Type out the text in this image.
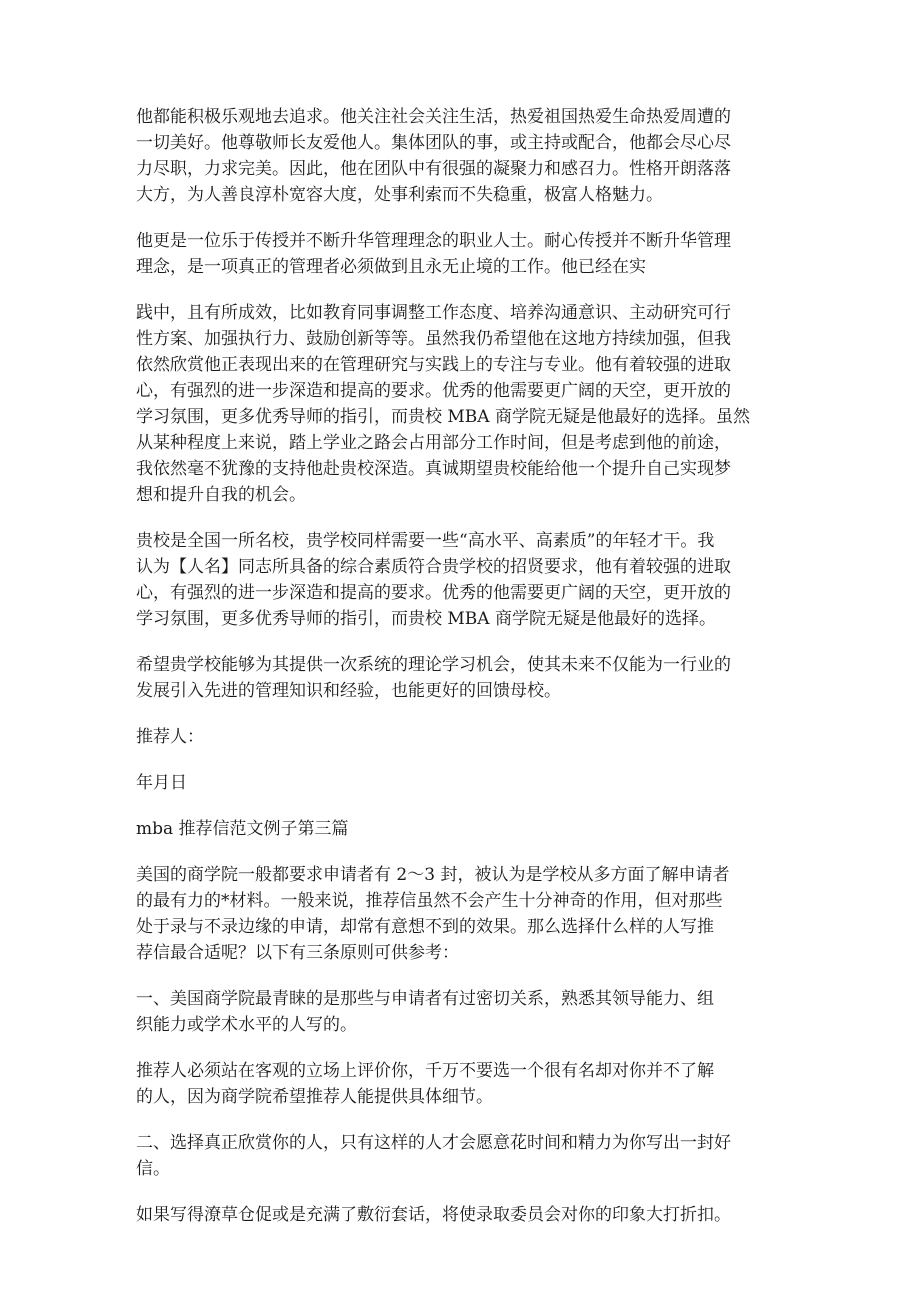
他都能积极乐观地去追求。他关注社会关注生活，热爱祖国热爱生命热爱周遭的
一切美好。他尊敬师长友爱他人。集体团队的事，或主持或配合，他都会尽心尽
力尽职，力求完美。因此，他在团队中有很强的凝聚力和感召力。性格开朗落落
大方，为人善良淳朴宽容大度，处事利索而不失稳重，极富人格魅力。

他更是一位乐于传授并不断升华管理理念的职业人士。耐心传授并不断升华管理
理念，是一项真正的管理者必须做到且永无止境的工作。他已经在实

践中，且有所成效，比如教育同事调整工作态度、培养沟通意识、主动研究可行
性方案、加强执行力、鼓励创新等等。虽然我仍希望他在这地方持续加强，但我
依然欣赏他正表现出来的在管理研究与实践上的专注与专业。他有着较强的进取
心，有强烈的进一步深造和提高的要求。优秀的他需要更广阔的天空，更开放的
学习氛围，更多优秀导师的指引，而贵校 MBA 商学院无疑是他最好的选择。虽然
从某种程度上来说，踏上学业之路会占用部分工作时间，但是考虑到他的前途，
我依然毫不犹豫的支持他赴贵校深造。真诚期望贵校能给他一个提升自己实现梦
想和提升自我的机会。

贵校是全国一所名校，贵学校同样需要一些“高水平、高素质”的年轻才干。我
认为【人名】同志所具备的综合素质符合贵学校的招贤要求，他有着较强的进取
心，有强烈的进一步深造和提高的要求。优秀的他需要更广阔的天空，更开放的
学习氛围，更多优秀导师的指引，而贵校 MBA 商学院无疑是他最好的选择。

希望贵学校能够为其提供一次系统的理论学习机会，使其未来不仅能为一行业的
发展引入先进的管理知识和经验，也能更好的回馈母校。

推荐人：

年月日

mba 推荐信范文例子第三篇

美国的商学院一般都要求申请者有 2～3 封，被认为是学校从多方面了解申请者
的最有力的*材料。一般来说，推荐信虽然不会产生十分神奇的作用，但对那些
处于录与不录边缘的申请，却常有意想不到的效果。那么选择什么样的人写推
荐信最合适呢？以下有三条原则可供参考：

一、美国商学院最青睐的是那些与申请者有过密切关系，熟悉其领导能力、组
织能力或学术水平的人写的。

推荐人必须站在客观的立场上评价你，千万不要选一个很有名却对你并不了解
的人，因为商学院希望推荐人能提供具体细节。

二、选择真正欣赏你的人，只有这样的人才会愿意花时间和精力为你写出一封好
信。

如果写得潦草仓促或是充满了敷衍套话，将使录取委员会对你的印象大打折扣。
